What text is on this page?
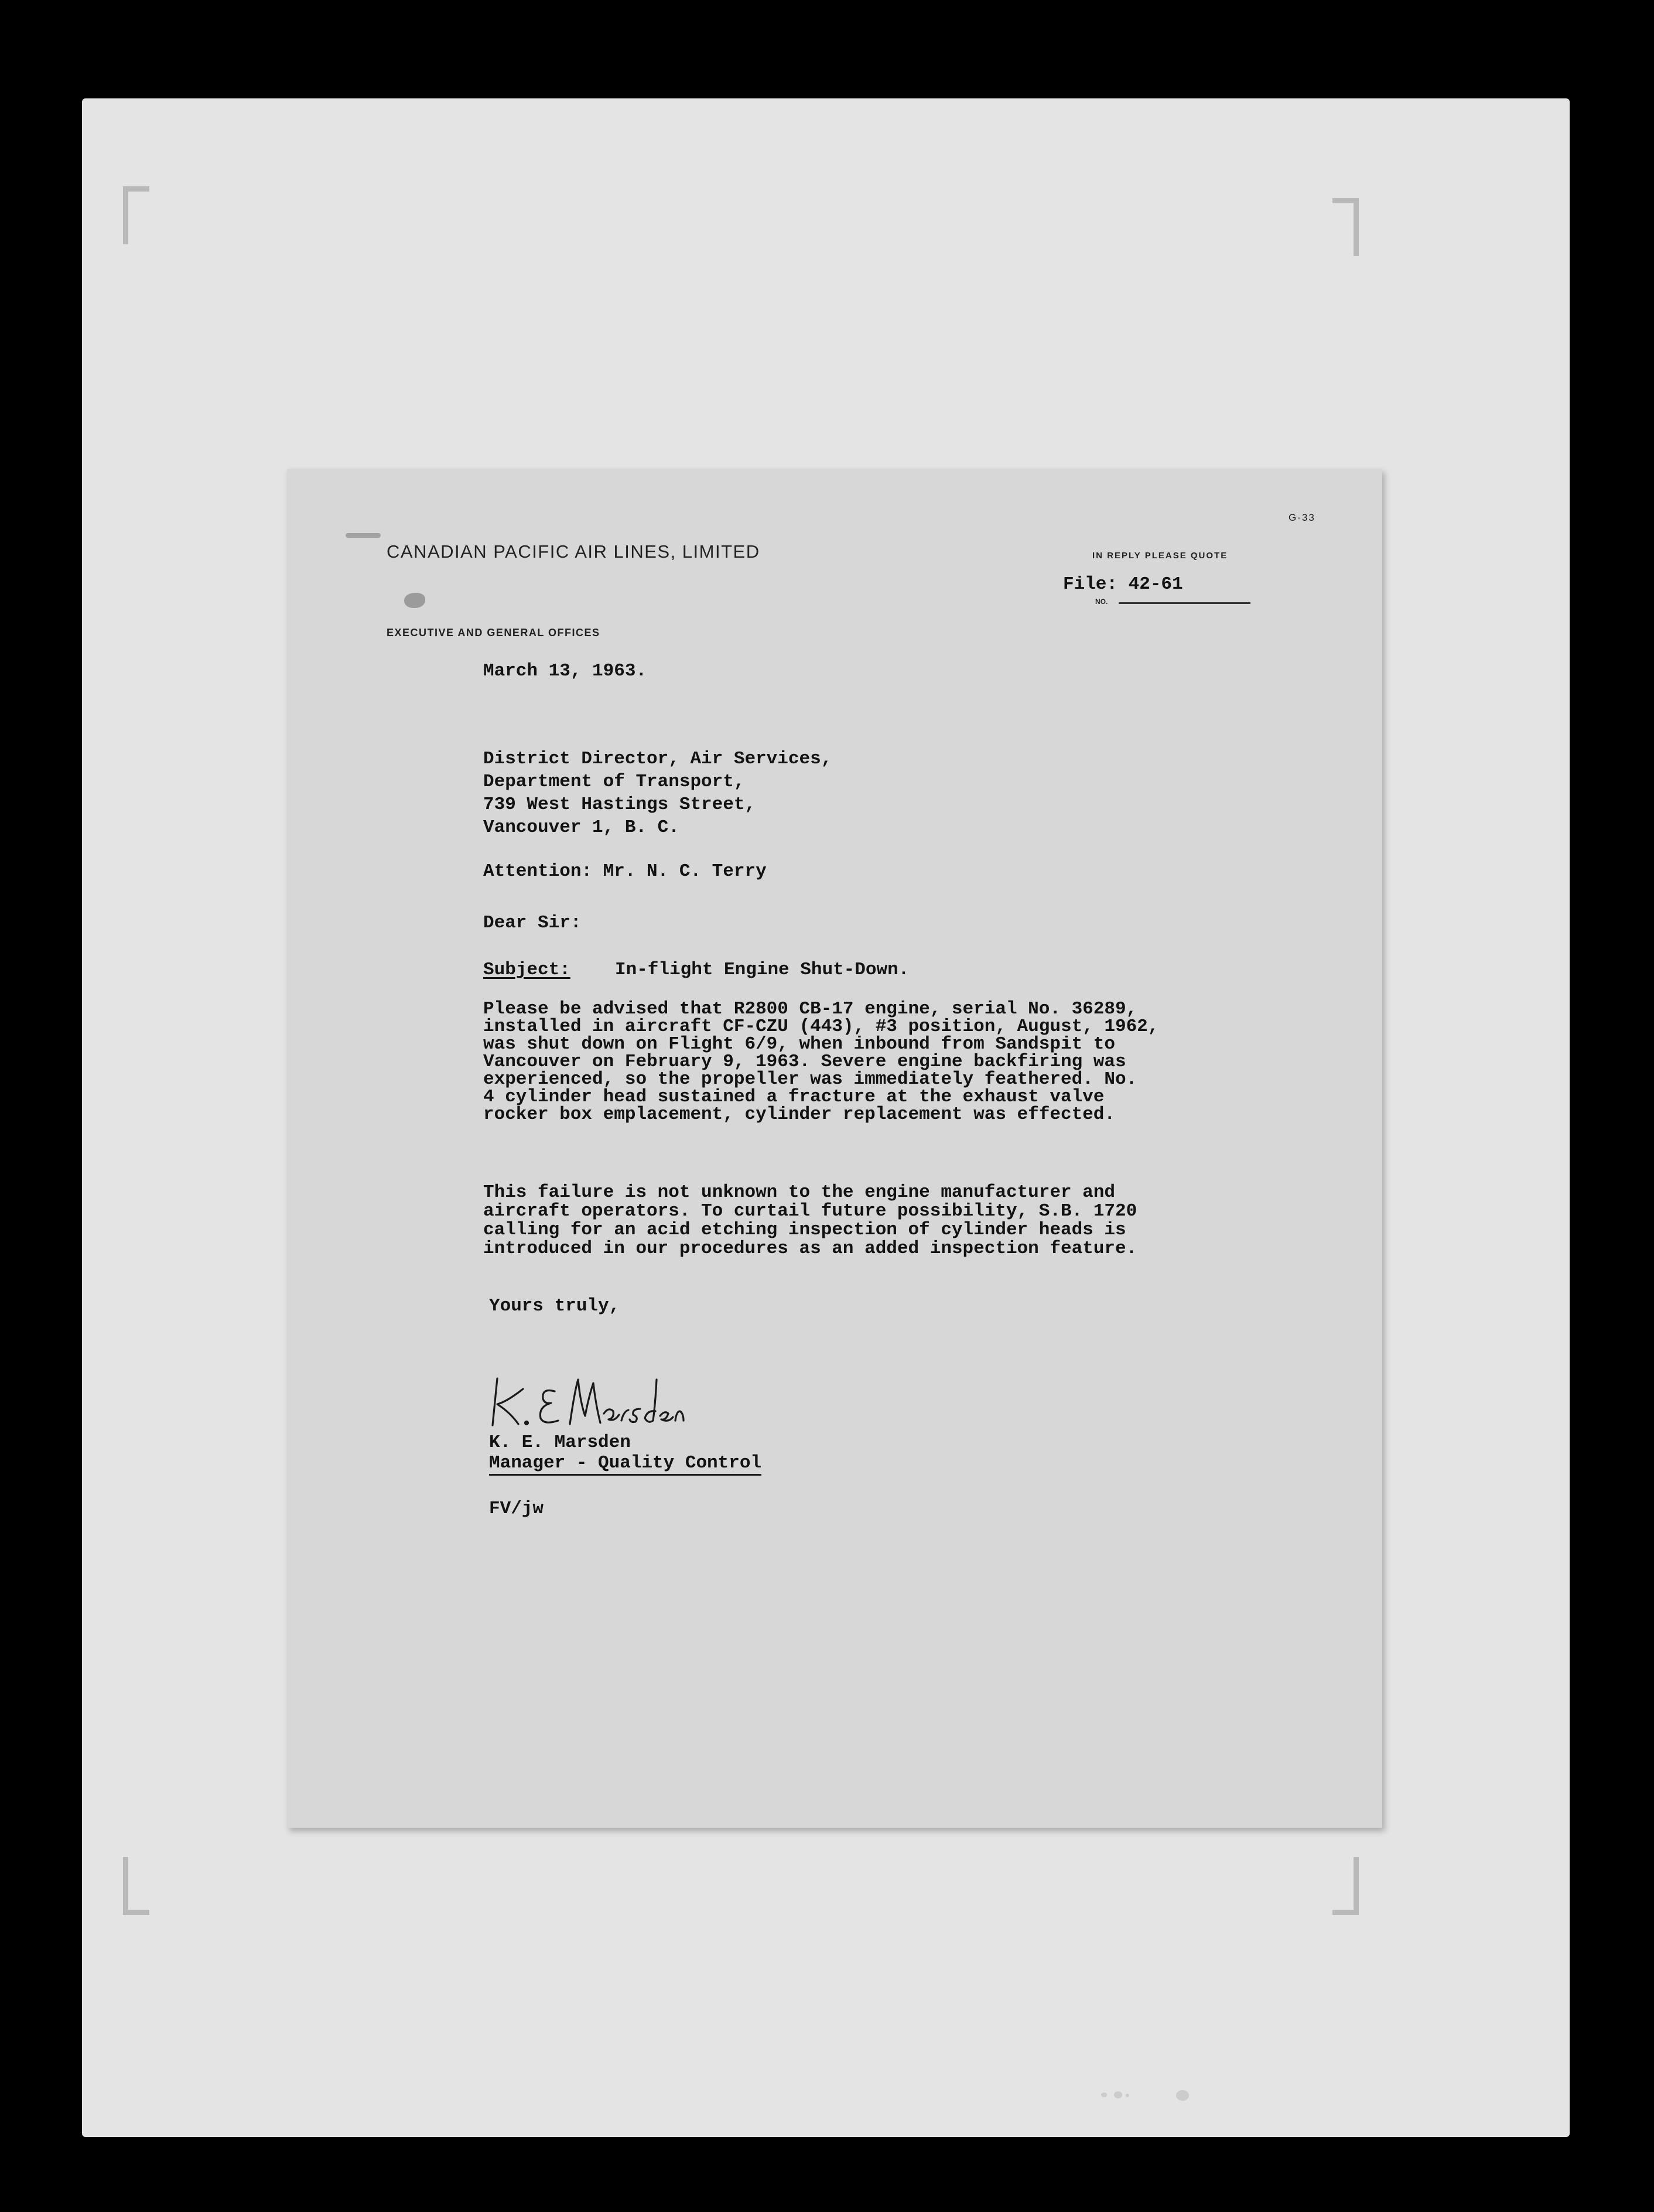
G-33
CANADIAN PACIFIC AIR LINES, LIMITED	IN REPLY PLEASE QUOTE
File: 42-61
NO.
EXECUTIVE AND GENERAL OFFICES
March 13, 1963.
District Director, Air Services,
Department of Transport,
739 West Hastings Street,
Vancouver 1, B. C.
Attention: Mr. N. C. Terry
Dear Sir:
Subject: In-flight Engine Shut-Down.
Please be advised that R2800 CB-17 engine, serial No. 36289,
installed in aircraft CF-CZU (443), #3 position, August, 1962,
was shut down on Flight 6/9, when inbound from Sandspit to
Vancouver on February 9, 1963. Severe engine backfiring was
experienced, so the propeller was immediately feathered. No.
4 cylinder head sustained a fracture at the exhaust valve
rocker box emplacement, cylinder replacement was effected.
This failure is not unknown to the engine manufacturer and
aircraft operators. To curtail future possibility, S.B. 1720
calling for an acid etching inspection of cylinder heads is
introduced in our procedures as an added inspection feature.
Yours truly,
K. E. Marsden
Manager - Quality Control
FV/jw
